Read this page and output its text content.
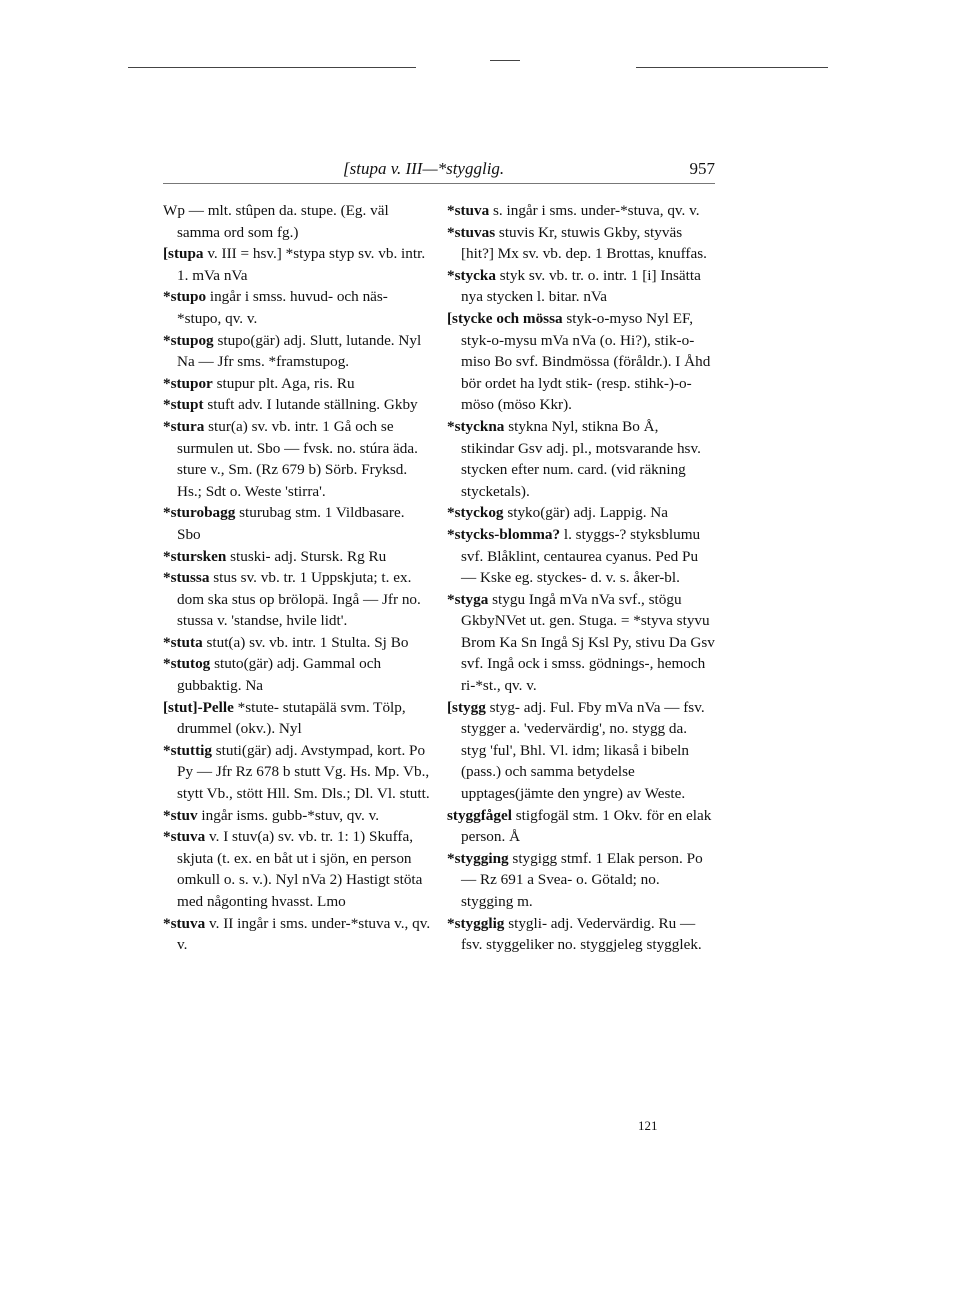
[stupa v. III—*stygglig.	957

Wp — mlt. stûpen da. stupe. (Eg. väl samma ord som fg.)

[stupa v. III = hsv.] *stypa styp sv. vb. intr. 1. mVa nVa

*stupo ingår i smss. huvud- och näs-*stupo, qv. v.

*stupog stupo(gär) adj. Slutt, lutande. Nyl Na — Jfr sms. *framstupog.

*stupor stupur plt. Aga, ris. Ru

*stupt stuft adv. I lutande ställning. Gkby

*stura stur(a) sv. vb. intr. 1 Gå och se surmulen ut. Sbo — fvsk. no. stúra äda. sture v., Sm. (Rz 679 b) Sörb. Fryksd. Hs.; Sdt o. Weste 'stirra'.

*sturobagg sturubag stm. 1 Vildbasare. Sbo

*stursken stuski- adj. Stursk. Rg Ru

*stussa stus sv. vb. tr. 1 Uppskjuta; t. ex. dom ska stus op brölopä. Ingå — Jfr no. stussa v. 'standse, hvile lidt'.

*stuta stut(a) sv. vb. intr. 1 Stulta. Sj Bo

*stutog stuto(gär) adj. Gammal och gubbaktig. Na

[stut]-Pelle *stute- stutapälä svm. Tölp, drummel (okv.). Nyl

*stuttig stuti(gär) adj. Avstympad, kort. Po Py — Jfr Rz 678 b stutt Vg. Hs. Mp. Vb., stytt Vb., stött Hll. Sm. Dls.; Dl. Vl. stutt.

*stuv ingår isms. gubb-*stuv, qv. v.

*stuva v. I stuv(a) sv. vb. tr. 1: 1) Skuffa, skjuta (t. ex. en båt ut i sjön, en person omkull o. s. v.). Nyl nVa 2) Hastigt stöta med någonting hvasst. Lmo

*stuva v. II ingår i sms. under-*stuva v., qv. v.

*stuva s. ingår i sms. under-*stuva, qv. v.

*stuvas stuvis Kr, stuwis Gkby, styväs [hit?] Mx sv. vb. dep. 1 Brottas, knuffas.

*stycka styk sv. vb. tr. o. intr. 1 [i] Insätta nya stycken l. bitar. nVa

[stycke och mössa styk-o-myso Nyl EF, styk-o-mysu mVa nVa (o. Hi?), stik-o-miso Bo svf. Bindmössa (föråldr.). I Åhd bör ordet ha lydt stik- (resp. stihk-)-o-mösо (möso Kkr).

*styckna stykna Nyl, stikna Bo Å, stikindar Gsv adj. pl., motsvarande hsv. stycken efter num. card. (vid räkning stycketals).

*styckog styko(gär) adj. Lappig. Na

*stycks-blomma? l. styggs-? styksblumu svf. Blåklint, centaurea cyanus. Ped Pu — Kske eg. styckes- d. v. s. åker-bl.

*styga stygu Ingå mVa nVa svf., stögu GkbyNVet ut. gen. Stuga. = *styva styvu Brom Ka Sn Ingå Sj Ksl Py, stivu Da Gsv svf. Ingå ock i smss. gödnings-, hemoch ri-*st., qv. v.

[stygg styg- adj. Ful. Fby mVa nVa — fsv. stygger a. 'vedervärdig', no. stygg da. styg 'ful', Bhl. Vl. idm; likaså i bibeln (pass.) och samma betydelse upptages(jämte den yngre) av Weste.

styggfågel stigfogäl stm. 1 Okv. för en elak person. Å

*stygging stygigg stmf. 1 Elak person. Po — Rz 691 a Svea- o. Götald; no. stygging m.

*stygglig stygli- adj. Vedervärdig. Ru — fsv. styggeliker no. styggjeleg stygglek.

121
